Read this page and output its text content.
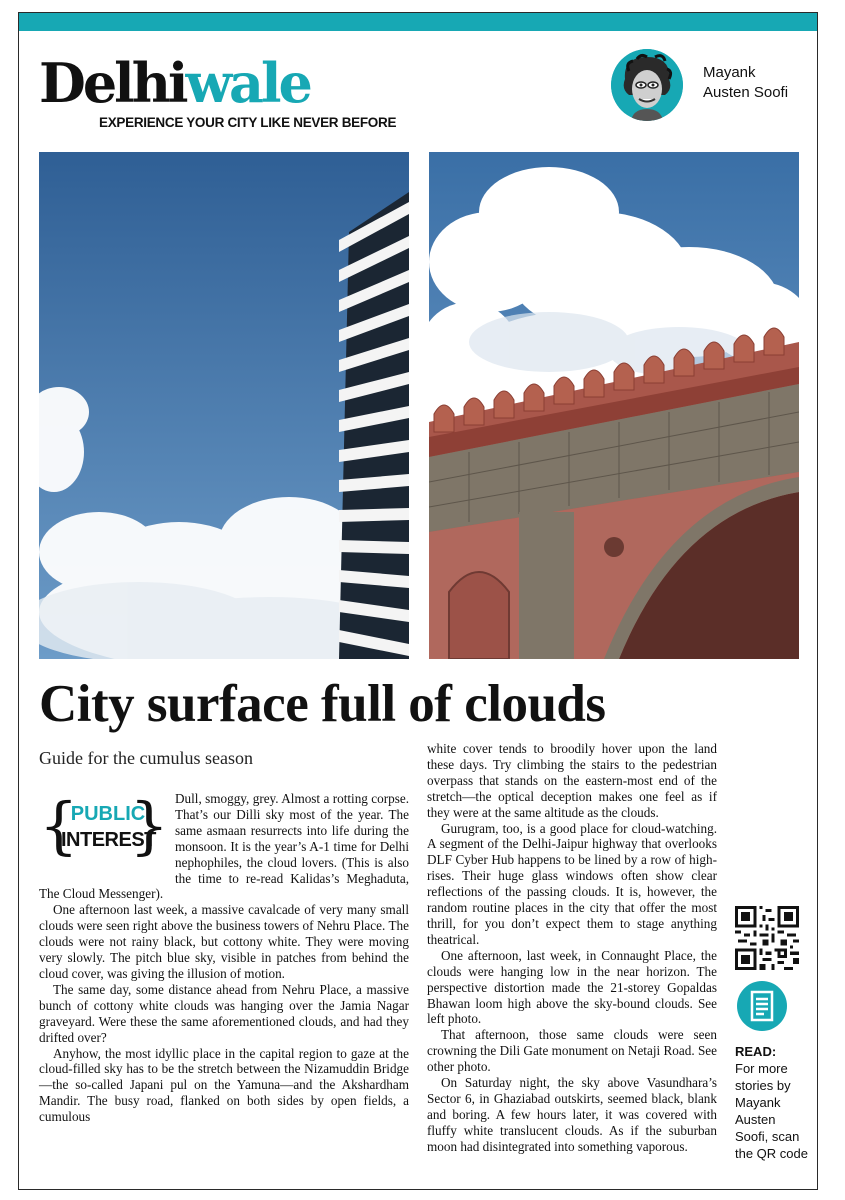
Delhiwale
EXPERIENCE YOUR CITY LIKE NEVER BEFORE
Mayank
Austen Soofi
City surface full of clouds
Guide for the cumulus season
{
PUBLIC
INTEREST
} Dull, smoggy, grey. Almost a rotting corpse. That’s our Dilli sky most of the year. The same asmaan resurrects into life during the monsoon. It is the year’s A-1 time for Delhi nephophiles, the cloud lovers. (This is also the time to re-read Kalidas’s Meghaduta, The Cloud Messenger).

One afternoon last week, a massive cavalcade of very many small clouds were seen right above the business towers of Nehru Place. The clouds were not rainy black, but cottony white. They were moving very slowly. The pitch blue sky, visible in patches from behind the cloud cover, was giving the illusion of motion.

The same day, some distance ahead from Nehru Place, a massive bunch of cottony white clouds was hanging over the Jamia Nagar graveyard. Were these the same aforementioned clouds, and had they drifted over?

Anyhow, the most idyllic place in the capital region to gaze at the cloud-filled sky has to be the stretch between the Nizamuddin Bridge—the so-called Japani pul on the Yamuna—and the Akshardham Mandir. The busy road, flanked on both sides by open fields, a cumulous

white cover tends to broodily hover upon the land these days. Try climbing the stairs to the pedestrian overpass that stands on the eastern-most end of the stretch—the optical deception makes one feel as if they were at the same altitude as the clouds.

Gurugram, too, is a good place for cloud-watching. A segment of the Delhi-Jaipur highway that overlooks DLF Cyber Hub happens to be lined by a row of high-rises. Their huge glass windows often show clear reflections of the passing clouds. It is, however, the random routine places in the city that offer the most thrill, for you don’t expect them to stage anything theatrical.

One afternoon, last week, in Connaught Place, the clouds were hanging low in the near horizon. The perspective distortion made the 21-storey Gopaldas Bhawan loom high above the sky-bound clouds. See left photo.

That afternoon, those same clouds were seen crowning the Dili Gate monument on Netaji Road. See other photo.

On Saturday night, the sky above Vasundhara’s Sector 6, in Ghaziabad outskirts, seemed black, blank and boring. A few hours later, it was covered with fluffy white translucent clouds. As if the suburban moon had disintegrated into something vaporous.

READ:
For more stories by Mayank Austen Soofi, scan the QR code
